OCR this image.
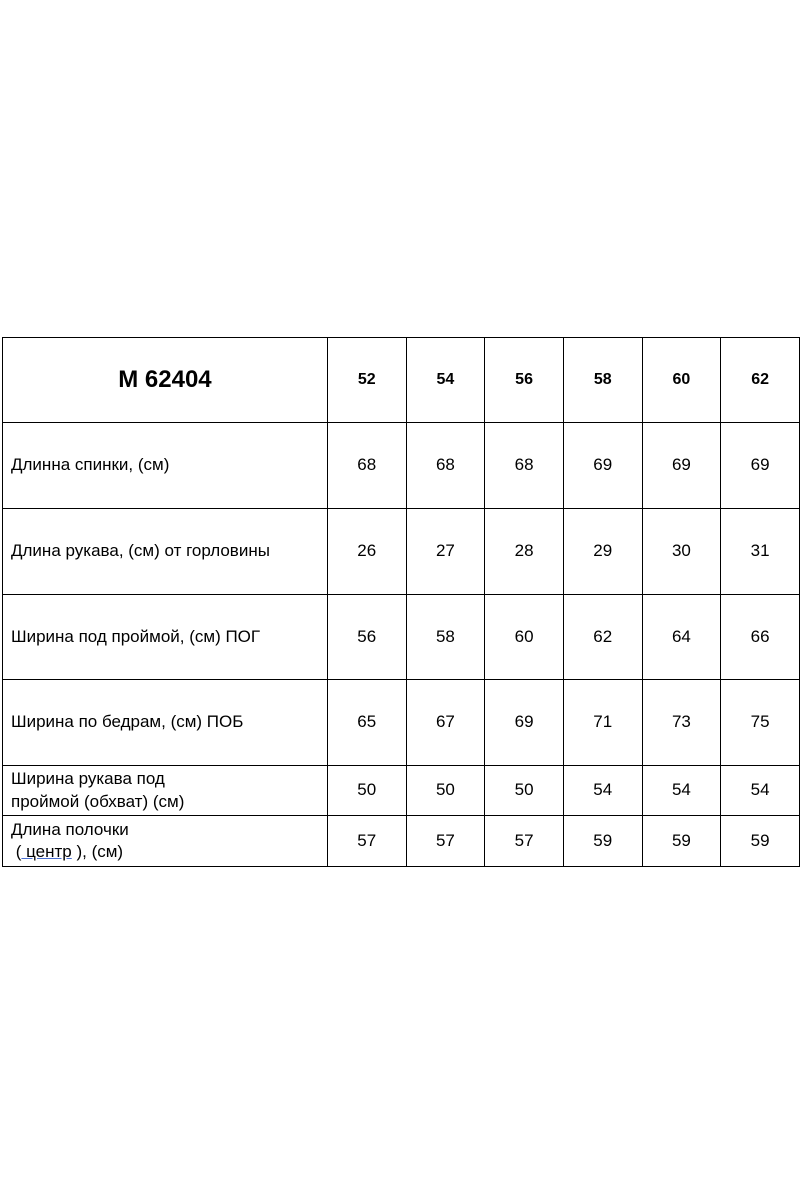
М 62404	52	54	56	58	60	62

Длинна спинки, (см)	68	68	68	69	69	69

Длина рукава, (см) от горловины	26	27	28	29	30	31

Ширина под проймой, (см) ПОГ	56	58	60	62	64	66

Ширина по бедрам, (см) ПОБ	65	67	69	71	73	75

Ширина рукава под
проймой (обхват) (см)	50	50	50	54	54	54

Длина полочки
( центр ), (см)	57	57	57	59	59	59
